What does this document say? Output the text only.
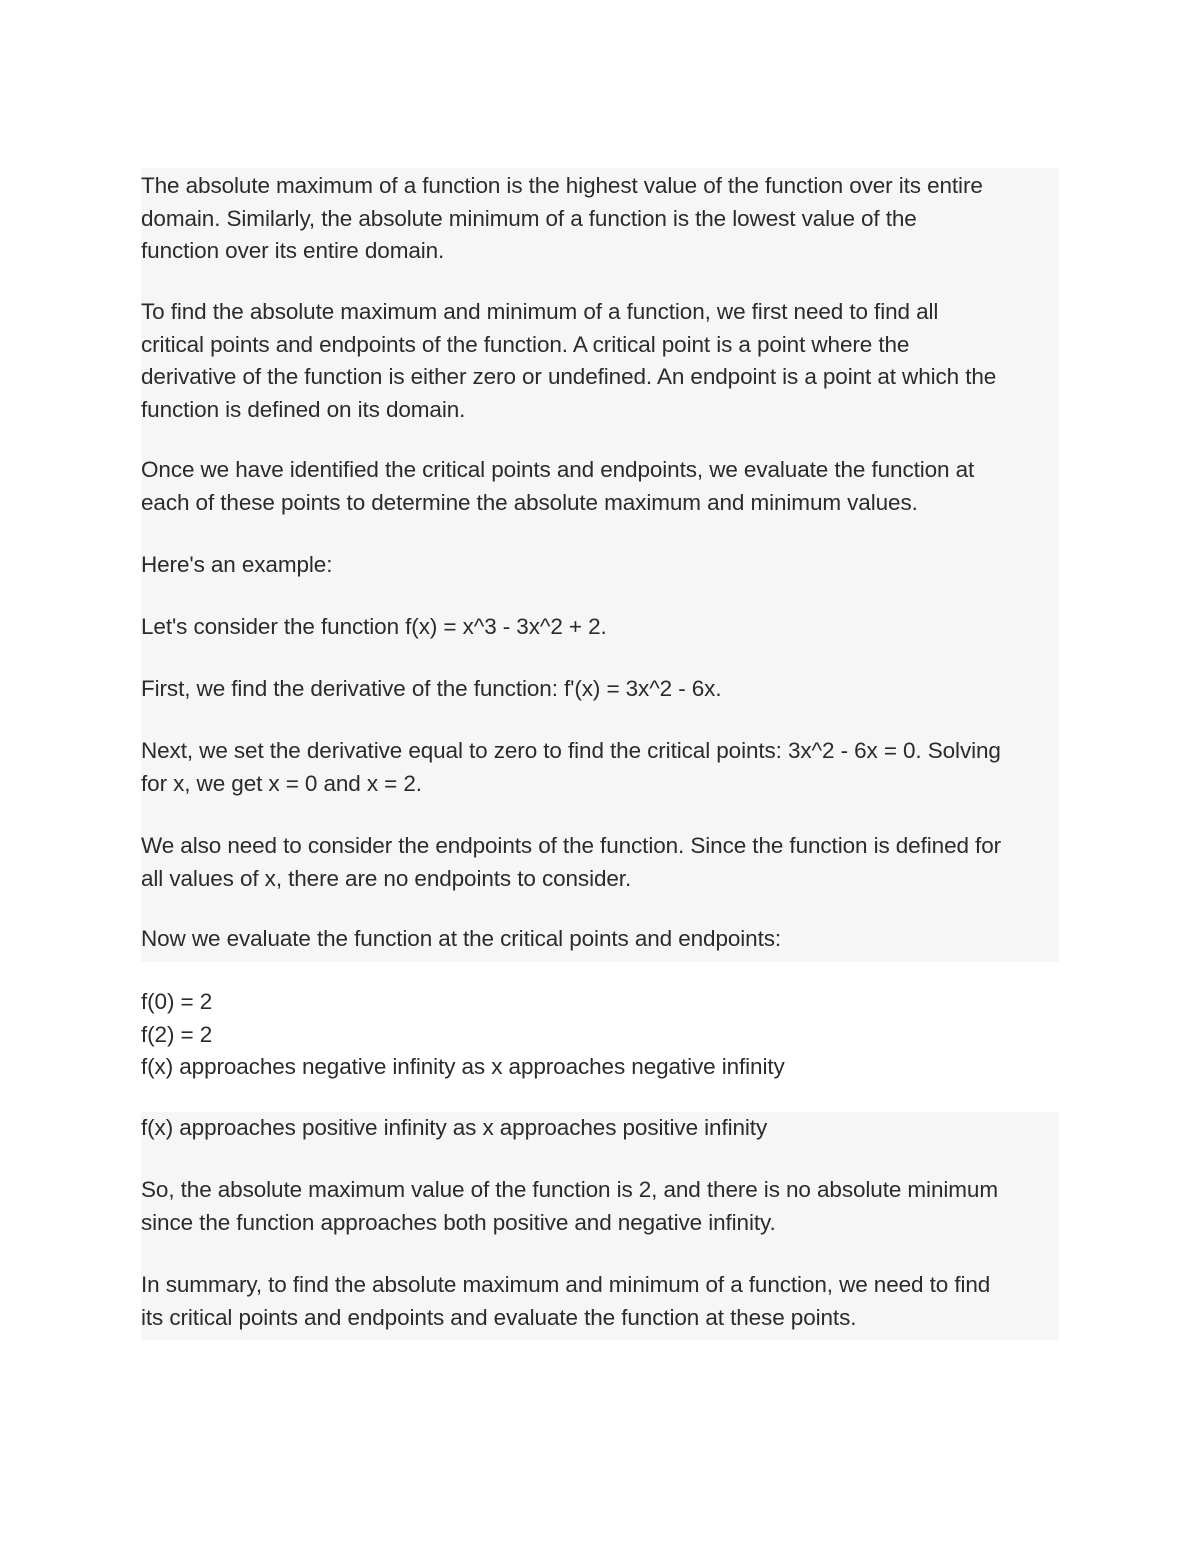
The absolute maximum of a function is the highest value of the function over its entire
domain. Similarly, the absolute minimum of a function is the lowest value of the
function over its entire domain.

To find the absolute maximum and minimum of a function, we first need to find all
critical points and endpoints of the function. A critical point is a point where the
derivative of the function is either zero or undefined. An endpoint is a point at which the
function is defined on its domain.

Once we have identified the critical points and endpoints, we evaluate the function at
each of these points to determine the absolute maximum and minimum values.

Here's an example:

Let's consider the function f(x) = x^3 - 3x^2 + 2.

First, we find the derivative of the function: f'(x) = 3x^2 - 6x.

Next, we set the derivative equal to zero to find the critical points: 3x^2 - 6x = 0. Solving
for x, we get x = 0 and x = 2.

We also need to consider the endpoints of the function. Since the function is defined for
all values of x, there are no endpoints to consider.

Now we evaluate the function at the critical points and endpoints:

f(0) = 2
f(2) = 2
f(x) approaches negative infinity as x approaches negative infinity

f(x) approaches positive infinity as x approaches positive infinity

So, the absolute maximum value of the function is 2, and there is no absolute minimum
since the function approaches both positive and negative infinity.

In summary, to find the absolute maximum and minimum of a function, we need to find
its critical points and endpoints and evaluate the function at these points.
